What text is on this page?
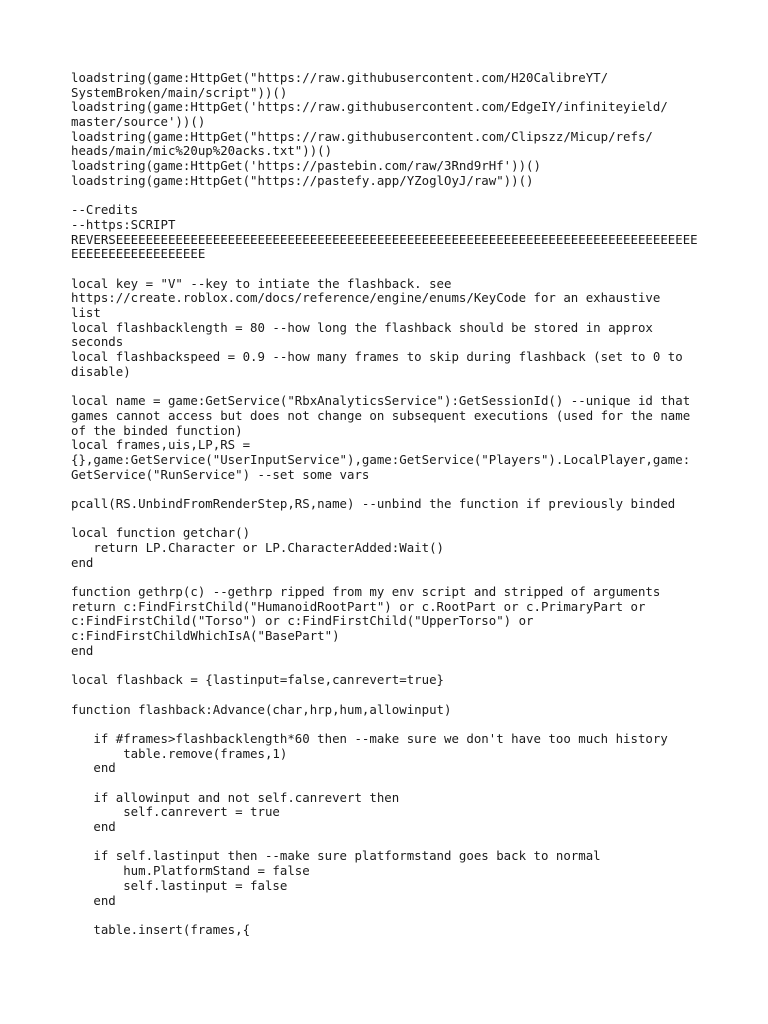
loadstring(game:HttpGet("https://raw.githubusercontent.com/H20CalibreYT/
SystemBroken/main/script"))()
loadstring(game:HttpGet('https://raw.githubusercontent.com/EdgeIY/infiniteyield/
master/source'))()
loadstring(game:HttpGet("https://raw.githubusercontent.com/Clipszz/Micup/refs/
heads/main/mic%20up%20acks.txt"))()
loadstring(game:HttpGet('https://pastebin.com/raw/3Rnd9rHf'))()
loadstring(game:HttpGet("https://pastefy.app/YZoglOyJ/raw"))()
--Credits
--https:SCRIPT
REVERSEEEEEEEEEEEEEEEEEEEEEEEEEEEEEEEEEEEEEEEEEEEEEEEEEEEEEEEEEEEEEEEEEEEEEEEEEEEEEE
EEEEEEEEEEEEEEEEEE
local key = "V" --key to intiate the flashback. see
https://create.roblox.com/docs/reference/engine/enums/KeyCode for an exhaustive
list
local flashbacklength = 80 --how long the flashback should be stored in approx
seconds
local flashbackspeed = 0.9 --how many frames to skip during flashback (set to 0 to
disable)
local name = game:GetService("RbxAnalyticsService"):GetSessionId() --unique id that
games cannot access but does not change on subsequent executions (used for the name
of the binded function)
local frames,uis,LP,RS =
{},game:GetService("UserInputService"),game:GetService("Players").LocalPlayer,game:
GetService("RunService") --set some vars
pcall(RS.UnbindFromRenderStep,RS,name) --unbind the function if previously binded
local function getchar()
return LP.Character or LP.CharacterAdded:Wait()
end
function gethrp(c) --gethrp ripped from my env script and stripped of arguments
return c:FindFirstChild("HumanoidRootPart") or c.RootPart or c.PrimaryPart or
c:FindFirstChild("Torso") or c:FindFirstChild("UpperTorso") or
c:FindFirstChildWhichIsA("BasePart")
end
local flashback = {lastinput=false,canrevert=true}
function flashback:Advance(char,hrp,hum,allowinput)
if #frames>flashbacklength*60 then --make sure we don't have too much history
table.remove(frames,1)
end
if allowinput and not self.canrevert then
self.canrevert = true
end
if self.lastinput then --make sure platformstand goes back to normal
hum.PlatformStand = false
self.lastinput = false
end
table.insert(frames,{
